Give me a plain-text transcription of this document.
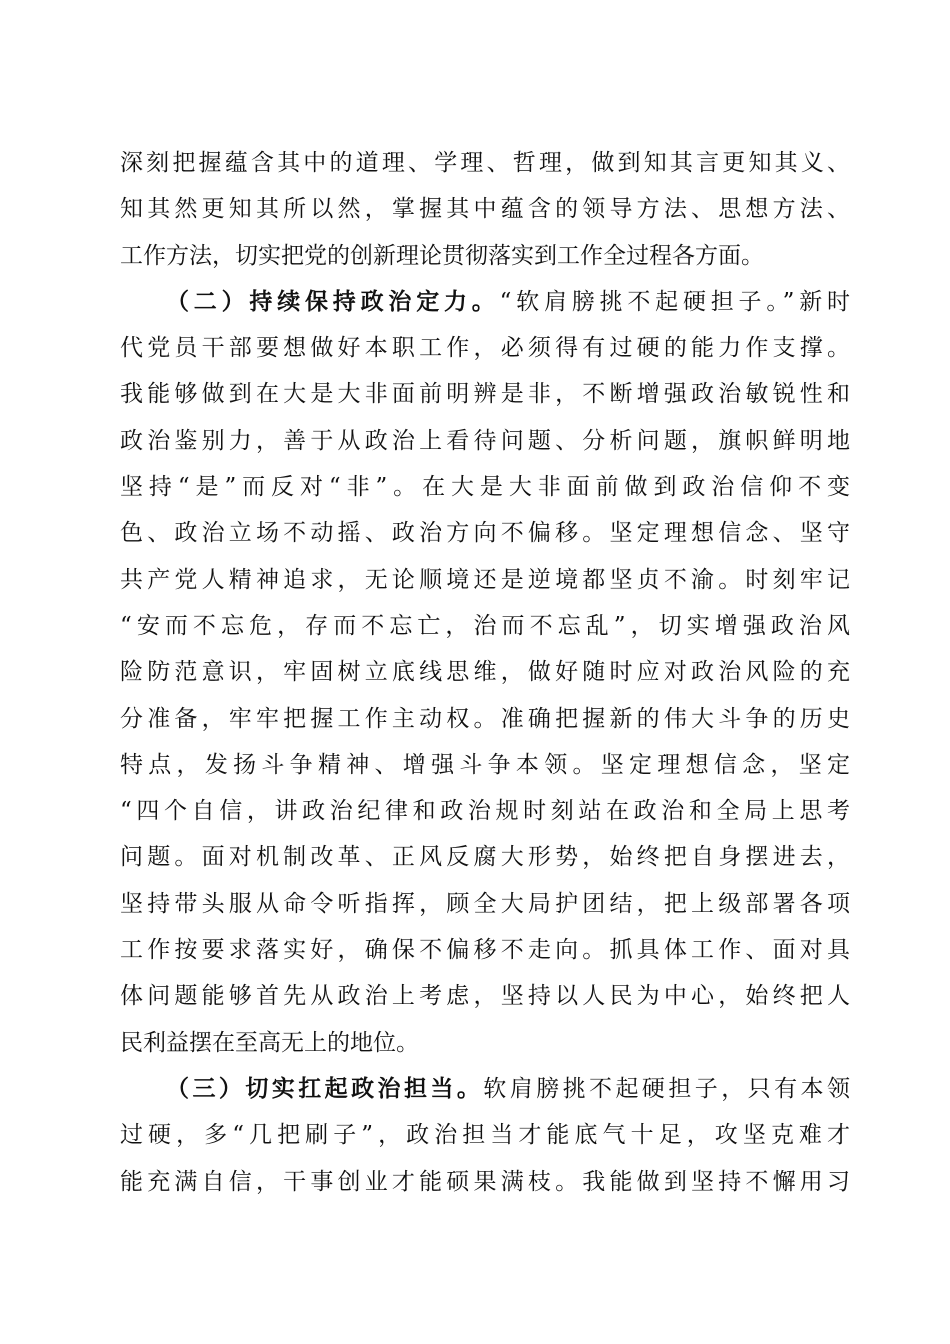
深刻把握蕴含其中的道理、学理、哲理，做到知其言更知其义、
知其然更知其所以然，掌握其中蕴含的领导方法、思想方法、
工作方法，切实把党的创新理论贯彻落实到工作全过程各方面。
（二）持续保持政治定力。“软肩膀挑不起硬担子。”新时
代党员干部要想做好本职工作，必须得有过硬的能力作支撑。
我能够做到在大是大非面前明辨是非，不断增强政治敏锐性和
政治鉴别力，善于从政治上看待问题、分析问题，旗帜鲜明地
坚持“是”而反对“非”。在大是大非面前做到政治信仰不变
色、政治立场不动摇、政治方向不偏移。坚定理想信念、坚守
共产党人精神追求，无论顺境还是逆境都坚贞不渝。时刻牢记
“安而不忘危，存而不忘亡，治而不忘乱”，切实增强政治风
险防范意识，牢固树立底线思维，做好随时应对政治风险的充
分准备，牢牢把握工作主动权。准确把握新的伟大斗争的历史
特点，发扬斗争精神、增强斗争本领。坚定理想信念，坚定
“四个自信，讲政治纪律和政治规时刻站在政治和全局上思考
问题。面对机制改革、正风反腐大形势，始终把自身摆进去，
坚持带头服从命令听指挥，顾全大局护团结，把上级部署各项
工作按要求落实好，确保不偏移不走向。抓具体工作、面对具
体问题能够首先从政治上考虑，坚持以人民为中心，始终把人
民利益摆在至高无上的地位。
（三）切实扛起政治担当。软肩膀挑不起硬担子，只有本领
过硬，多“几把刷子”，政治担当才能底气十足，攻坚克难才
能充满自信，干事创业才能硕果满枝。我能做到坚持不懈用习
